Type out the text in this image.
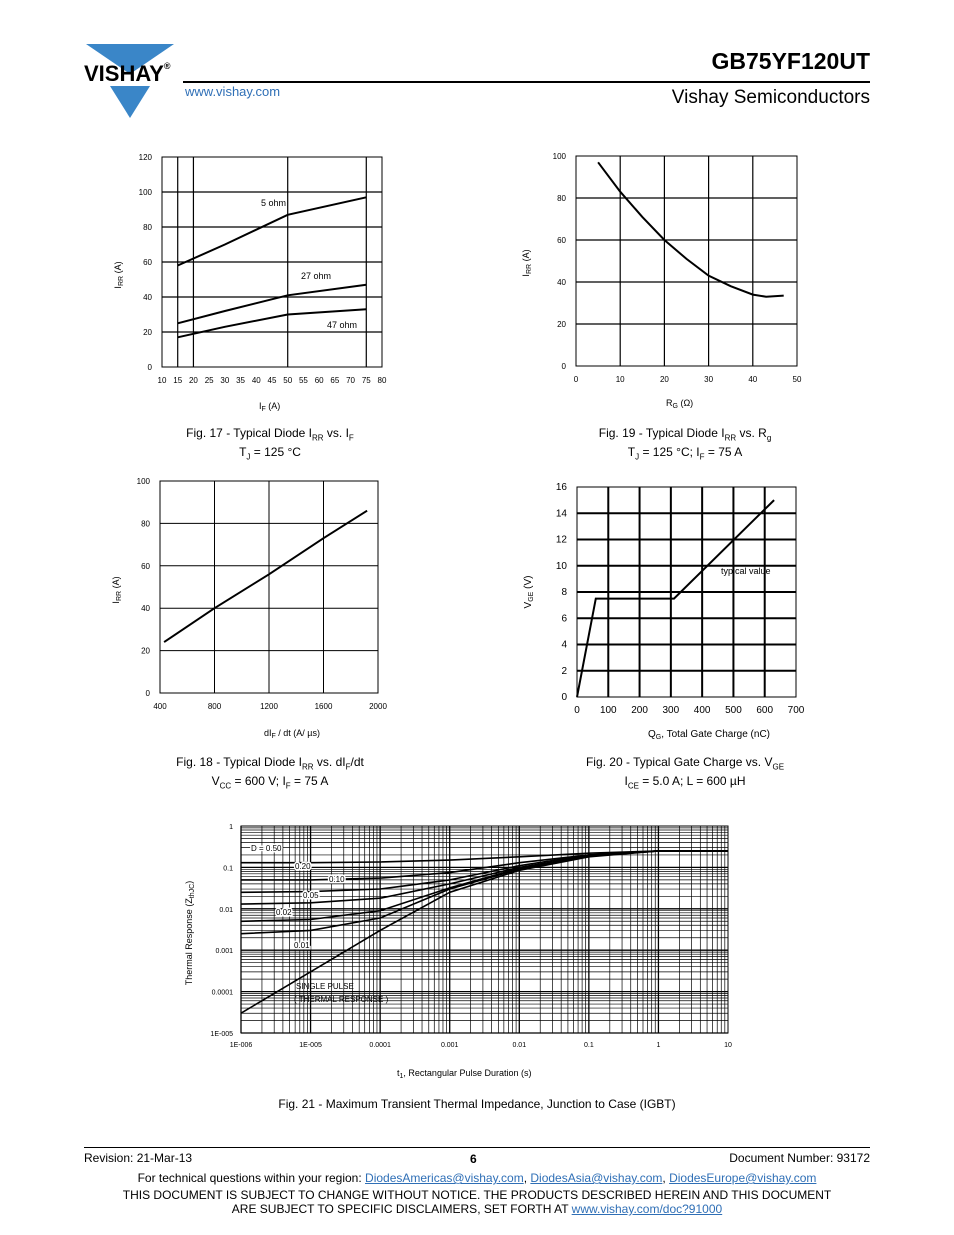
VISHAY®	GB75YF120UT
www.vishay.com	Vishay Semiconductors
10 15 20 25 30 35 40 45 50 55 60 65 70 75 80
0
20
40
60
80
100
120
5 ohm
27 ohm
47 ohm
$I_F$ (A)
$I_{RR}$ (A)
Fig. 17 - Typical Diode $I_{RR}$ vs. $I_F$
$T_J = 125$ °C
0	10	20	30	40	50
0
20
40
60
80
100
$R_G$ (Ω)
$I_{RR}$ (A)
Fig. 19 - Typical Diode $I_{RR}$ vs. $R_g$
$T_J = 125$ °C; $I_F = 75$ A
400	800	1200	1600	2000
0
20
40
60
80
100
$dI_F$ / dt (A/ µs)
$I_{RR}$ (A)
Fig. 18 - Typical Diode $I_{RR}$ vs. $dI_F/dt$
$V_{CC} = 600$ V; $I_F = 75$ A
0 100 200 300 400 500 600 700
0
2
4
6
8
10
12
14
16
typical value
$Q_G$, Total Gate Charge (nC)
$V_{GE}$ (V)
Fig. 20 - Typical Gate Charge vs. $V_{GE}$
$I_{CE} = 5.0$ A; L = 600 µH
1E-006	1E-005	0.0001	0.001	0.01	0.1	1	10
1E-005
0.0001
0.001
0.01
0.1
1
D = 0.50
0.20
0.10
0.05
0.02
0.01
SINGLE PULSE
( THERMAL RESPONSE )
$t_1$, Rectangular Pulse Duration (s)
Thermal Response $(Z_{thJC})$
Fig. 21 - Maximum Transient Thermal Impedance, Junction to Case (IGBT)
Revision: 21-Mar-13	6	Document Number: 93172
For technical questions within your region: DiodesAmericas@vishay.com, DiodesAsia@vishay.com, DiodesEurope@vishay.com
THIS DOCUMENT IS SUBJECT TO CHANGE WITHOUT NOTICE. THE PRODUCTS DESCRIBED HEREIN AND THIS DOCUMENT
ARE SUBJECT TO SPECIFIC DISCLAIMERS, SET FORTH AT www.vishay.com/doc?91000
